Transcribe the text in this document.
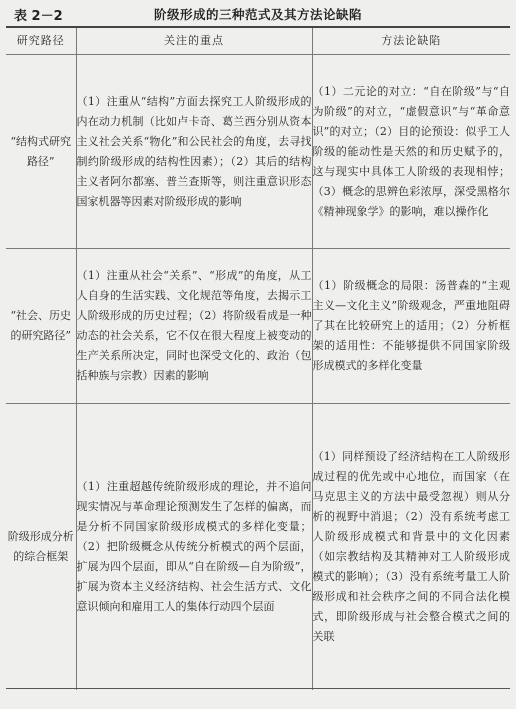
表 2－2	阶级形成的三种范式及其方法论缺陷
研究路径	关注的重点	方法论缺陷
“结构式研究路径”	（1）注重从“结构”方面去探究工人阶级形成的内在动力机制（比如卢卡奇、葛兰西分别从资本主义社会关系“物化”和公民社会的角度，去寻找制约阶级形成的结构性因素）；（2）其后的结构主义者阿尔都塞、普兰查斯等，则注重意识形态国家机器等因素对阶级形成的影响	（1）二元论的对立：“自在阶级”与“自为阶级”的对立，“虚假意识”与“革命意识”的对立；（2）目的论预设：似乎工人阶级的能动性是天然的和历史赋予的，这与现实中具体工人阶级的表现相悖；（3）概念的思辨色彩浓厚，深受黑格尔《精神现象学》的影响，难以操作化
“社会、历史的研究路径”	（1）注重从社会“关系”、“形成”的角度，从工人自身的生活实践、文化规范等角度，去揭示工人阶级形成的历史过程；（2）将阶级看成是一种动态的社会关系，它不仅在很大程度上被变动的生产关系所决定，同时也深受文化的、政治（包括种族与宗教）因素的影响	（1）阶级概念的局限：汤普森的“主观主义—文化主义”阶级观念，严重地阻碍了其在比较研究上的适用；（2）分析框架的适用性：不能够提供不同国家阶级形成模式的多样化变量
阶级形成分析的综合框架	（1）注重超越传统阶级形成的理论，并不追问现实情况与革命理论预测发生了怎样的偏离，而是分析不同国家阶级形成模式的多样化变量；（2）把阶级概念从传统分析模式的两个层面，扩展为四个层面，即从“自在阶级—自为阶级”，扩展为资本主义经济结构、社会生活方式、文化意识倾向和雇用工人的集体行动四个层面	（1）同样预设了经济结构在工人阶级形成过程的优先或中心地位，而国家（在马克思主义的方法中最受忽视）则从分析的视野中消退；（2）没有系统考虑工人阶级形成模式和背景中的文化因素（如宗教结构及其精神对工人阶级形成模式的影响）；（3）没有系统考量工人阶级形成和社会秩序之间的不同合法化模式，即阶级形成与社会整合模式之间的关联
